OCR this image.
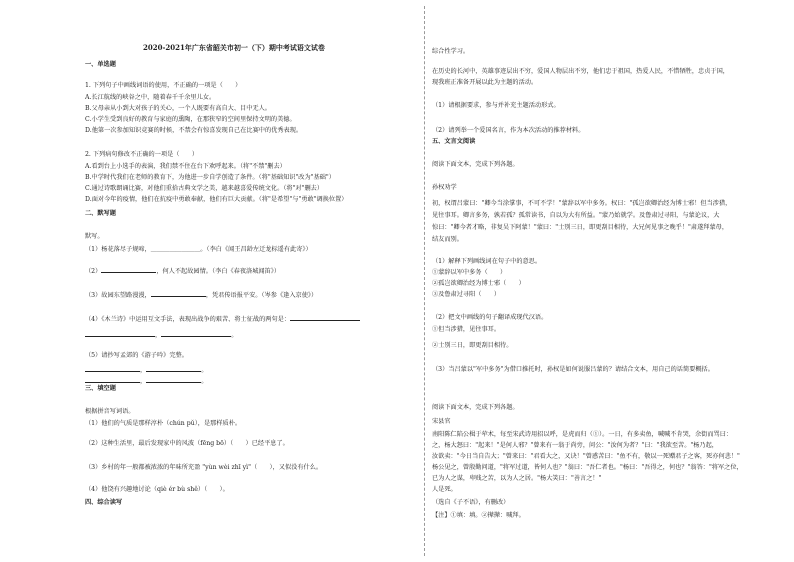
2020-2021年广东省韶关市初一（下）期中考试语文试卷
一、单选题
1. 下列句子中画线词语的使用，不正确的一项是（　　）
A.长江航线的峡谷之中，随着春千千余里儿女。
B.父母亲从小到大对孩子的关心，一个人既要有高自大、目中无人。
C.小学生受到良好的教育与家庭的熏陶，在那狭窄的空间里保持文明的美德。
D.他第一次参加知识竞赛的时候，不禁会有惊喜发现自己在比赛中的优秀表现。
2. 下列病句修改不正确的一项是（　　）
A.看到台上小选手的表演，我们禁不住在台下欢呼起来。（将"不禁"删去）
B.中学时代我们在老师的教育下，为他进一步自学创造了条件。（将"基础知识"改为"基础"）
C.通过诗歌朗诵比赛，对他们重拾古典文学之美，越来越喜爱传统文化。（将"对"删去）
D.面对今年的疫情，他们在抗疫中勇敢奉献，他们有巨大贡献。（将"是希望"与"勇敢"调换位置）
二、默写题
默写。
（1）杨花落尽子规啼，＿＿＿＿＿＿＿＿。（李白《闻王昌龄左迁龙标遥有此寄》）
（2）	，何人不起故园情。（李白《春夜洛城闻笛》）
（3）故园东望路漫漫，	，凭君传语报平安。（岑参《逢入京使》）
（4）《木兰诗》中运用互文手法，表现出战争的艰苦、将士征战的两句是：
，	。
（5）请抄写孟郊的《游子吟》完整。
，	。
，	。
三、填空题
根据拼音写词语。
（1）他们的气质是那样淳朴（chún pǔ），是那样质朴。
（2）这种生活里，最后发现家中的风波（fēng bō）（　　）已经平息了。
（3）乡村的年一般都被浓浓的年味所充盈 "yùn wèi zhī yì"（　　），又似没有什么。
（4）他饶有兴趣地讨论（qiè ér bù shě）（　　）。
四、综合读写
综合性学习。
在历史的长河中，英雄事迹层出不穷，爱国人物层出不穷，他们忠于祖国，热爱人民，不惜牺牲，忠贞于国，
现我班正准备开展以此为主题的活动。
（1）请根据要求，参与并补充主题活动形式。
（2）请列举一个爱国名言，作为本次活动的推荐材料。
五、文言文阅读
阅读下面文本，完成下列各题。
孙权劝学
初，权谓吕蒙曰："卿今当涂掌事，不可不学！"蒙辞以军中多务。权曰："孤岂欲卿治经为博士邪！但当涉猎，
见往事耳。卿言多务，孰若孤？孤常读书，自以为大有所益。"蒙乃始就学。及鲁肃过寻阳，与蒙论议，大
惊曰："卿今者才略，非复吴下阿蒙！"蒙曰："士别三日，即更刮目相待，大兄何见事之晚乎！"肃遂拜蒙母，
结友而别。
（1）解释下列画线词在句子中的意思。
①蒙辞以军中多务（　　）
②孤岂欲卿治经为博士邪（　　）
③及鲁肃过寻阳（　　）
（2）把文中画线的句子翻译成现代汉语。
①但当涉猎，见往事耳。
②士别三日，即更刮目相待。
（3）当吕蒙以"军中多务"为借口推托时，孙权是如何说服吕蒙的？请结合文本，用自己的话简要概括。
阅读下面文本，完成下列各题。
宋县官
南阳陈仁陷公楫于荦术，每至宋武诗用招以呼，是虎而归（①）。一日，有多卖鱼，喊喊不肯哭，余街而骂曰：
之，杨大怒曰："起来！"是何人邪？"曾来有一翁于尚旁，问公："汝何为者？"曰："我欲至苦。"杨乃起，
汝欲卖："今日当自告大；"曾来曰："君看大之，又诀！"曾惑苦曰："鱼不有，敬以一死赠君子之客，死亦何悲！"
杨公见之，曾殷勤问道，"将军过道，皆何人也？"翁曰："吾仁者也。"杨曰："吾得之，何也？"翁答："将军之位，
已为人之谋，卑贱之苦，以为人之居。"杨大笑曰："善言之！"
人是死。
（选自《子不语》，有删改）
【注】①填：填。②撵撵：喊拜。
